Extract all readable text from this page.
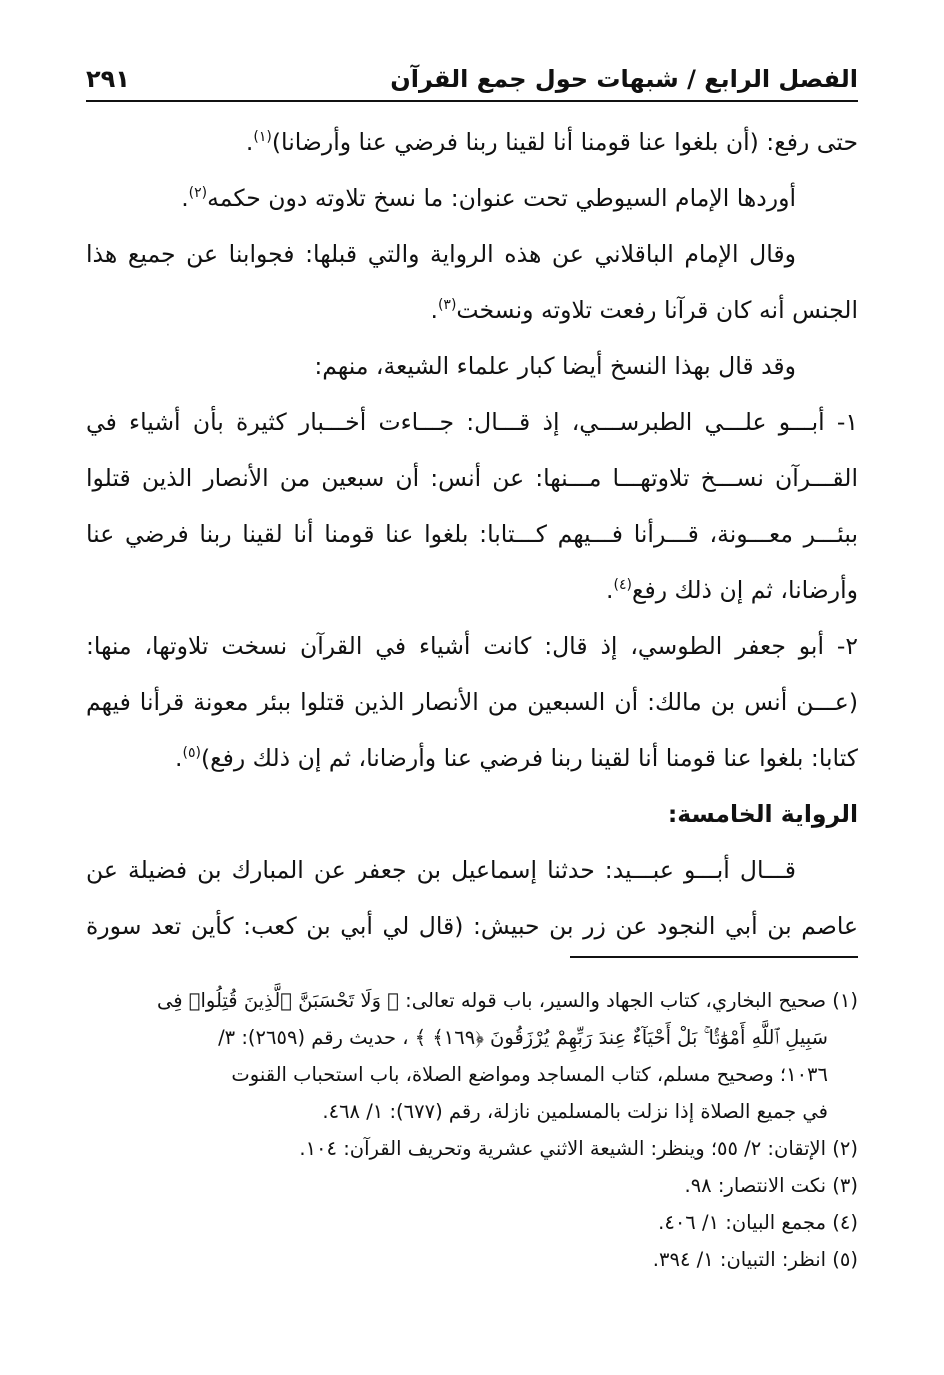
الفصل الرابع / شبهات حول جمع القرآن
٢٩١
حتى رفع: (أن بلغوا عنا قومنا أنا لقينا ربنا فرضي عنا وأرضانا)$^{(١)}$.
أوردها الإمام السيوطي تحت عنوان: ما نسخ تلاوته دون حكمه$^{(٢)}$.
وقال الإمام الباقلاني عن هذه الرواية والتي قبلها: فجوابنا عن جميع هذا
الجنس أنه كان قرآنا رفعت تلاوته ونسخت$^{(٣)}$.
وقد قال بهذا النسخ أيضا كبار علماء الشيعة، منهم:
١- أبـــو علـــي الطبرســـي، إذ قـــال: جـــاءت أخـــبار كثيرة بأن أشياء في
القـــرآن نســـخ تلاوتهـــا مـــنها: عن أنس: أن سبعين من الأنصار الذين قتلوا
ببئـــر معـــونة، قـــرأنا فـــيهم كـــتابا: بلغوا عنا قومنا أنا لقينا ربنا فرضي عنا
وأرضانا، ثم إن ذلك رفع$^{(٤)}$.
٢- أبو جعفر الطوسي، إذ قال: كانت أشياء في القرآن نسخت تلاوتها، منها:
(عـــن أنس بن مالك: أن السبعين من الأنصار الذين قتلوا ببئر معونة قرأنا فيهم
كتابا: بلغوا عنا قومنا أنا لقينا ربنا فرضي عنا وأرضانا، ثم إن ذلك رفع)$^{(٥)}$.
الرواية الخامسة:
قـــال أبـــو عبـــيد: حدثنا إسماعيل بن جعفر عن المبارك بن فضيلة عن
عاصم بن أبي النجود عن زر بن حبيش: (قال لي أبي بن كعب: كأين تعد سورة
(١) صحيح البخاري، كتاب الجهاد والسير، باب قوله تعالى: ﴿ وَلَا تَحْسَبَنَّ ٱلَّذِينَ قُتِلُوا۟ فِى
سَبِيلِ ٱللَّهِ أَمْوَٰتًۢا ۚ بَلْ أَحْيَآءٌ عِندَ رَبِّهِمْ يُرْزَقُونَ ﴿١٦٩﴾ ﴾ ، حديث رقم (٢٦٥٩): ٣/
١٠٣٦؛ وصحيح مسلم، كتاب المساجد ومواضع الصلاة، باب استحباب القنوت
في جميع الصلاة إذا نزلت بالمسلمين نازلة، رقم (٦٧٧): ١/ ٤٦٨.
(٢) الإتقان: ٢/ ٥٥؛ وينظر: الشيعة الاثني عشرية وتحريف القرآن: ١٠٤.
(٣) نكت الانتصار: ٩٨.
(٤) مجمع البيان: ١/ ٤٠٦.
(٥) انظر: التبيان: ١/ ٣٩٤.
